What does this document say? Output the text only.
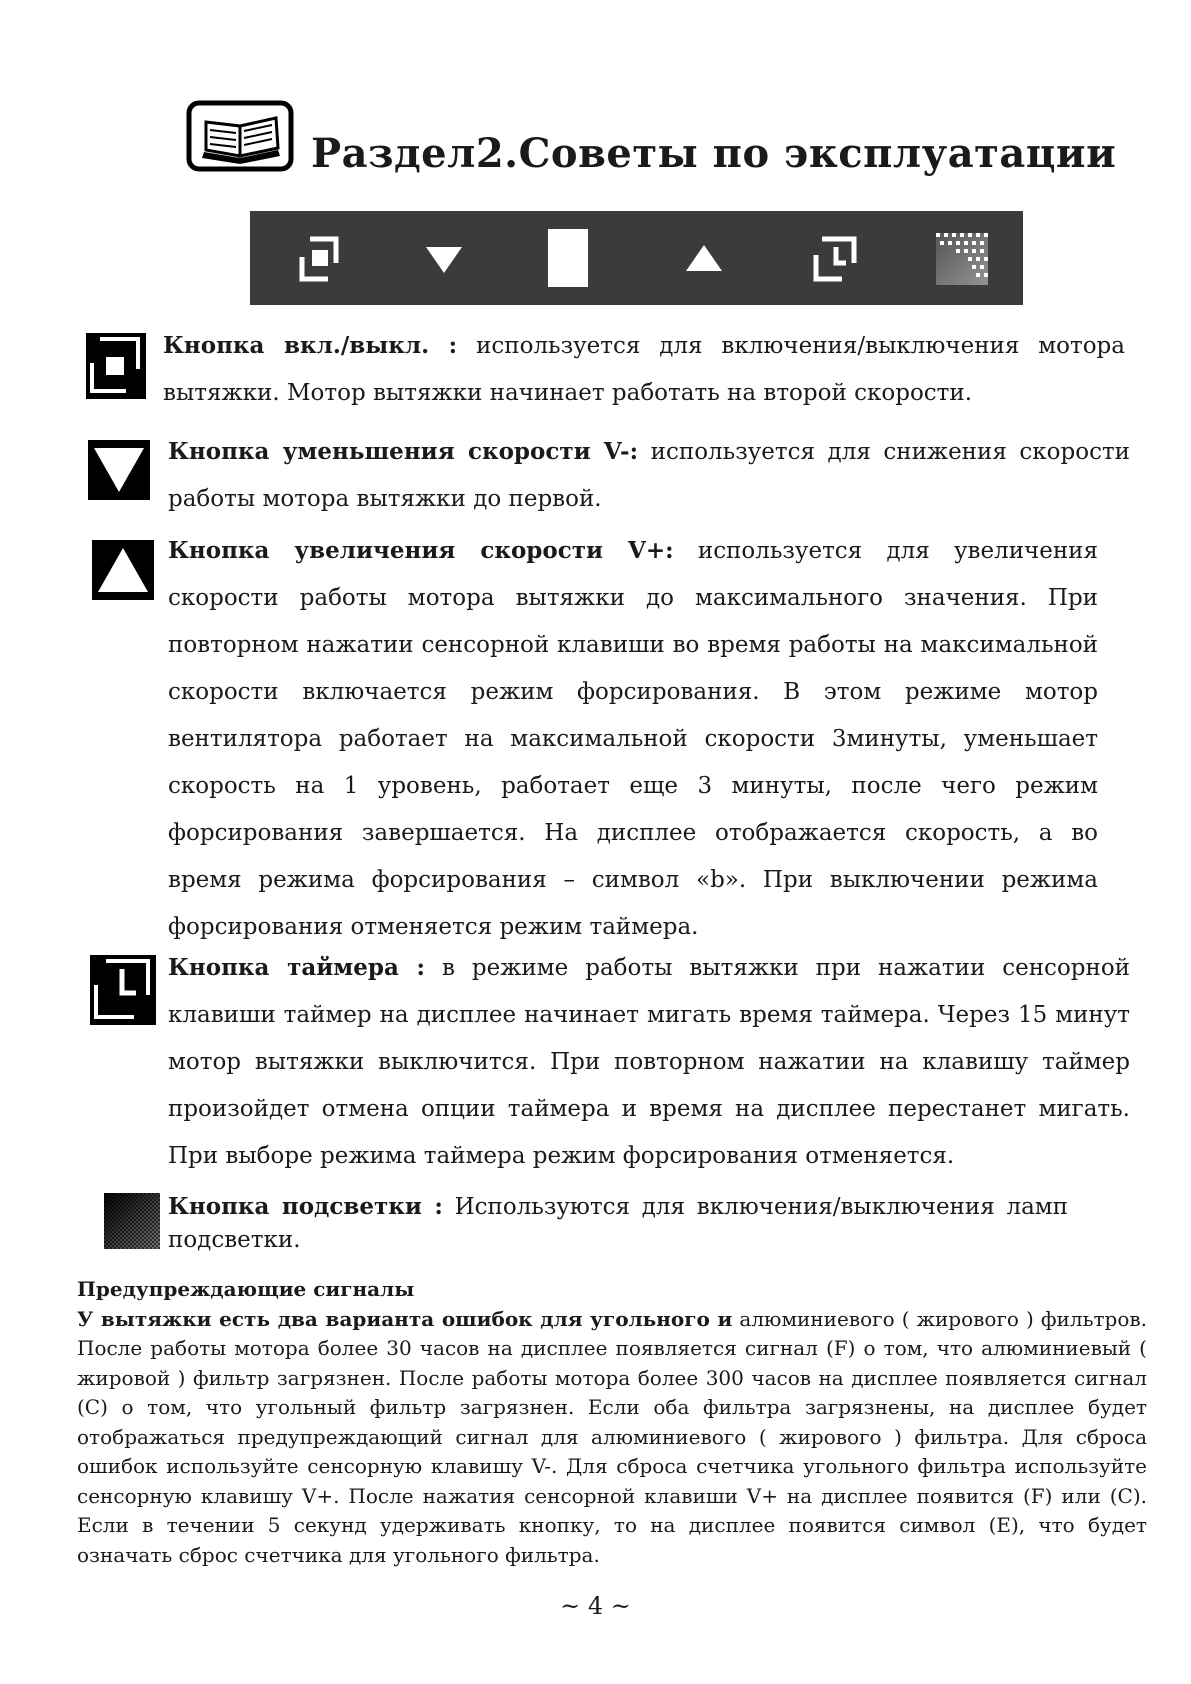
Раздел2.Советы по эксплуатации
Кнопка вкл./выкл. : используется для включения/выключения мотора вытяжки. Мотор вытяжки начинает работать на второй скорости.
Кнопка уменьшения скорости V-: используется для снижения скорости работы мотора вытяжки до первой.
Кнопка увеличения скорости V+: используется для увеличения скорости работы мотора вытяжки до максимального значения. При повторном нажатии сенсорной клавиши во время работы на максимальной скорости включается режим форсирования. В этом режиме мотор вентилятора работает на максимальной скорости 3минуты, уменьшает скорость на 1 уровень, работает еще 3 минуты, после чего режим форсирования завершается. На дисплее отображается скорость, а во время режима форсирования – символ «b». При выключении режима форсирования отменяется режим таймера.
Кнопка таймера : в режиме работы вытяжки при нажатии сенсорной клавиши таймер на дисплее начинает мигать время таймера. Через 15 минут мотор вытяжки выключится. При повторном нажатии на клавишу таймер произойдет отмена опции таймера и время на дисплее перестанет мигать. При выборе режима таймера режим форсирования отменяется.
Кнопка подсветки : Используются для включения/выключения ламп подсветки.
Предупреждающие сигналы
У вытяжки есть два варианта ошибок для угольного и алюминиевого ( жирового ) фильтров. После работы мотора более 30 часов на дисплее появляется сигнал (F) о том, что алюминиевый ( жировой ) фильтр загрязнен. После работы мотора более 300 часов на дисплее появляется сигнал (C) о том, что угольный фильтр загрязнен. Если оба фильтра загрязнены, на дисплее будет отображаться предупреждающий сигнал для алюминиевого ( жирового ) фильтра. Для сброса ошибок используйте сенсорную клавишу V-. Для сброса счетчика угольного фильтра используйте сенсорную клавишу V+. После нажатия сенсорной клавиши V+ на дисплее появится (F) или (C). Если в течении 5 секунд удерживать кнопку, то на дисплее появится символ (E), что будет означать сброс счетчика для угольного фильтра.
~ 4 ~
